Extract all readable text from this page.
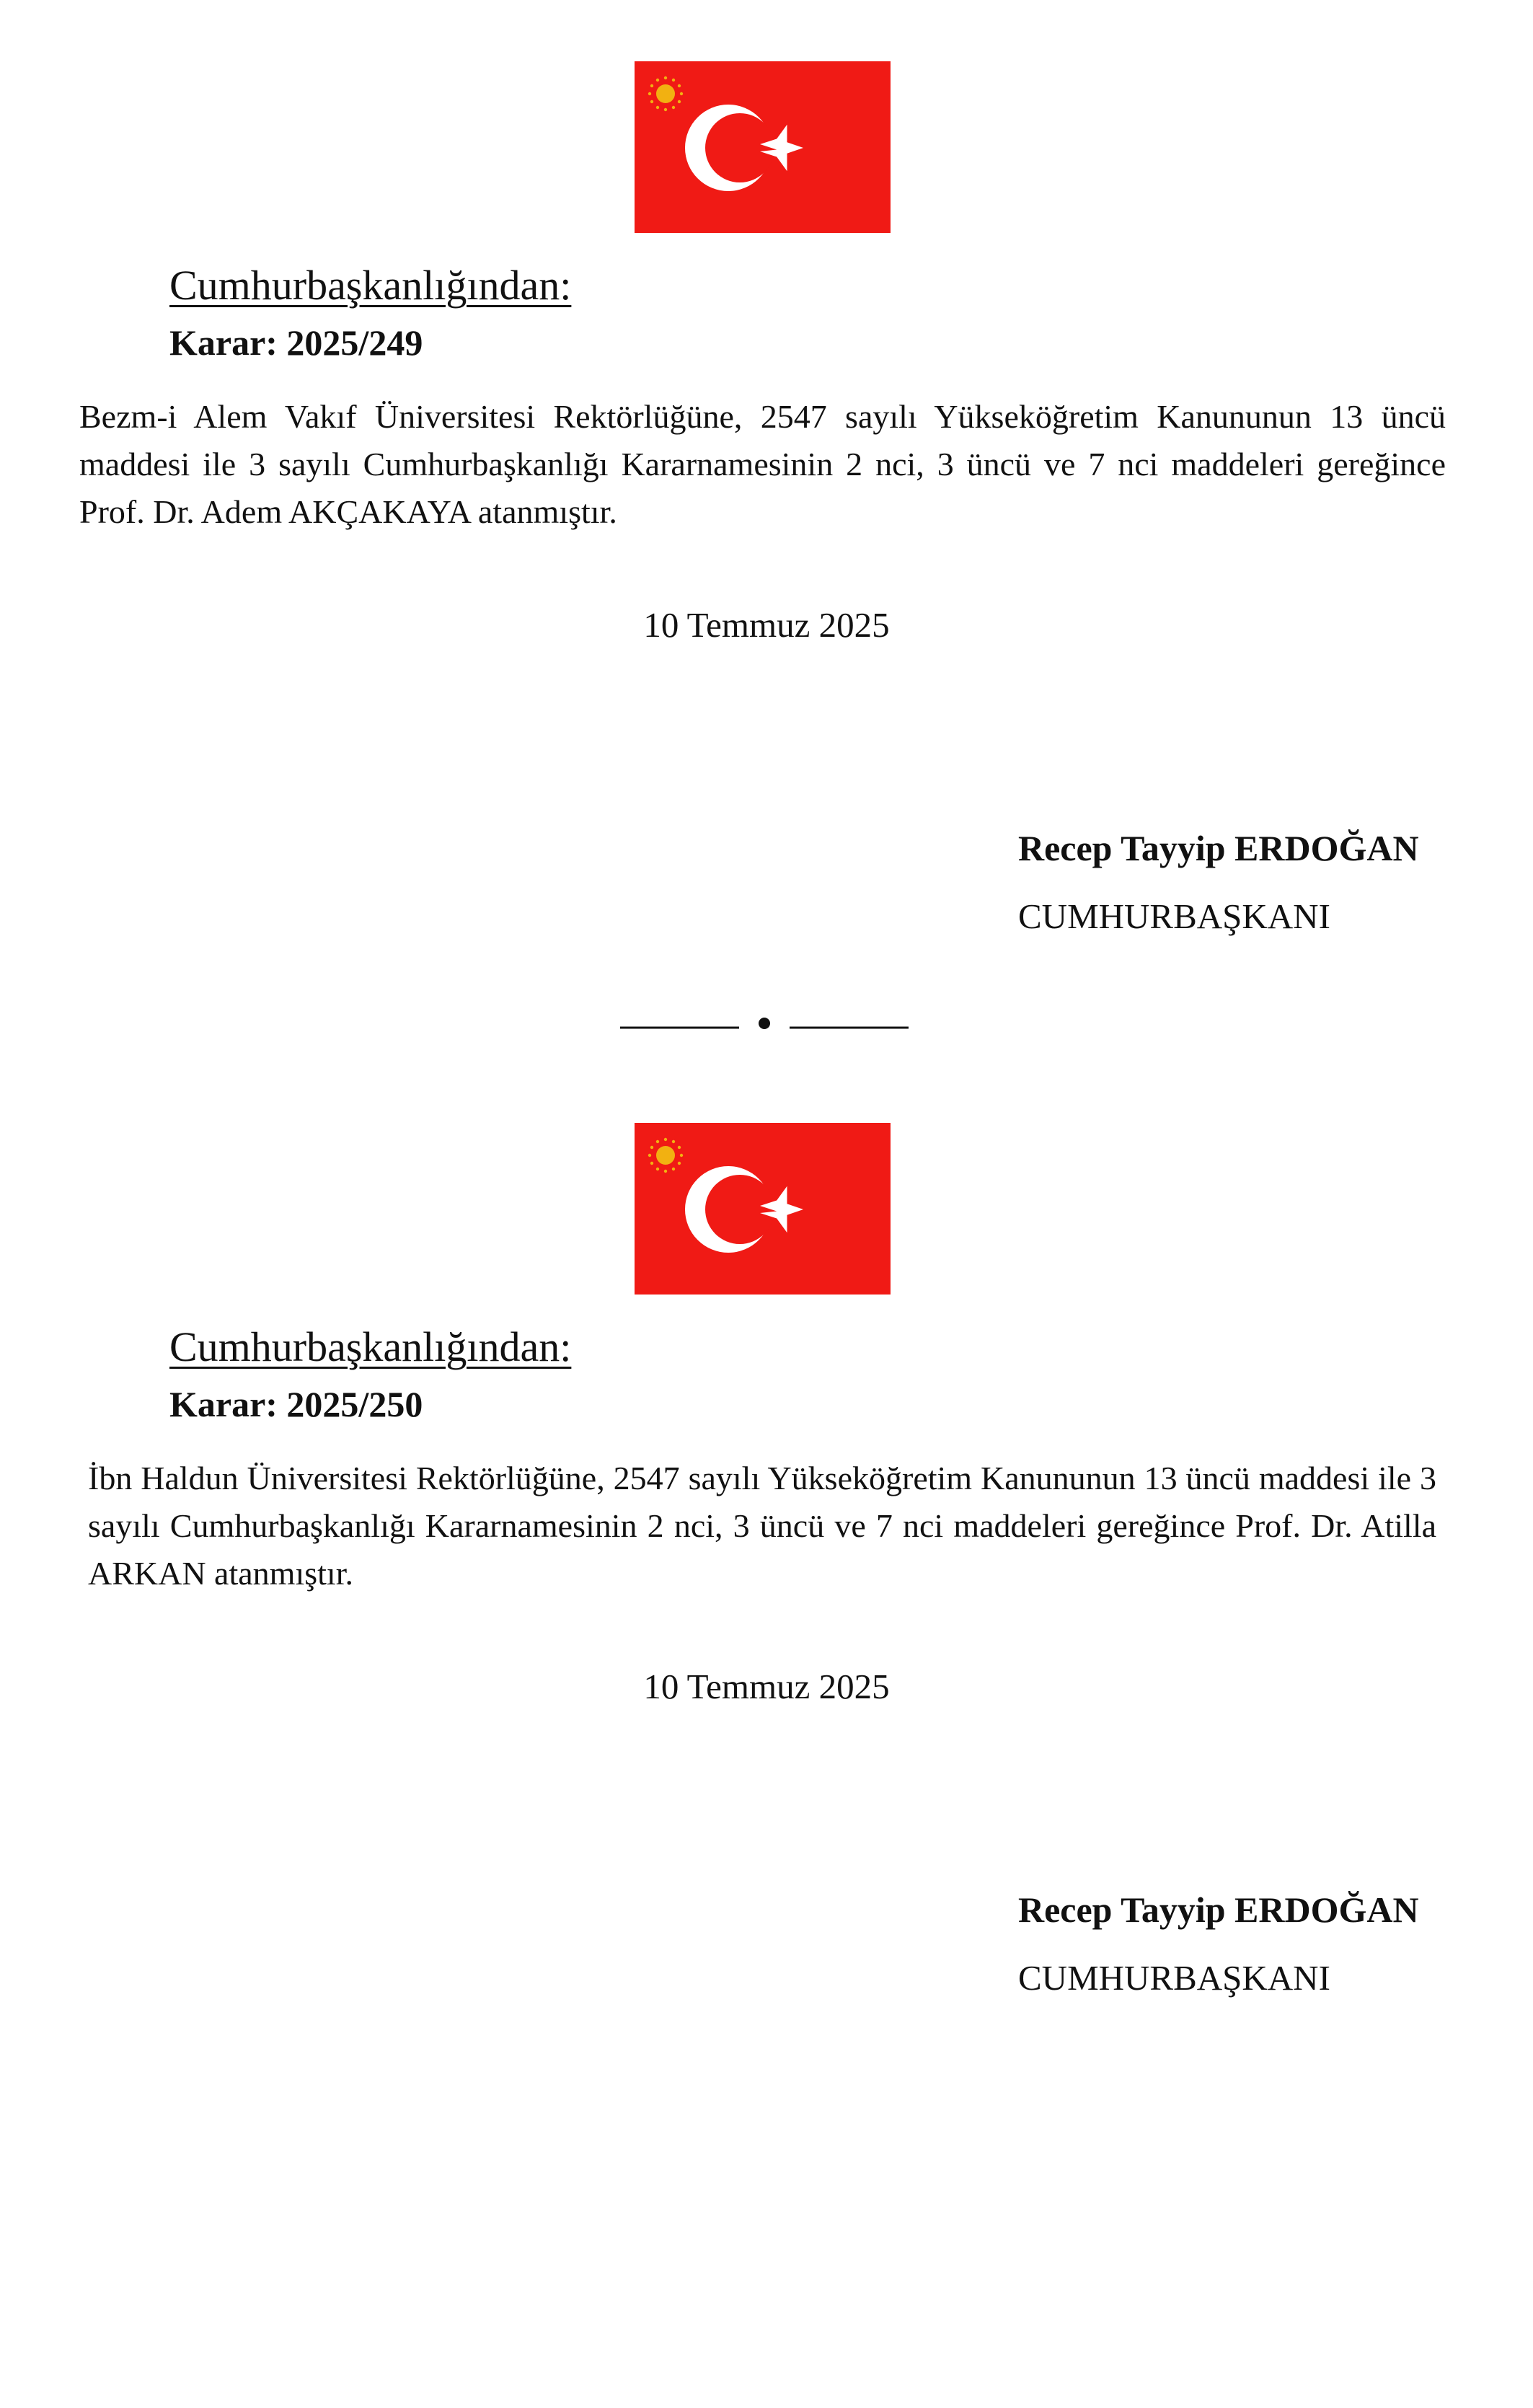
Cumhurbaşkanlığından:
Karar: 2025/249

Bezm-i Alem Vakıf Üniversitesi Rektörlüğüne, 2547 sayılı Yükseköğretim Kanununun 13 üncü maddesi ile 3 sayılı Cumhurbaşkanlığı Kararnamesinin 2 nci, 3 üncü ve 7 nci maddeleri gereğince Prof. Dr. Adem AKÇAKAYA atanmıştır.

10 Temmuz 2025
Recep Tayyip ERDOĞAN
CUMHURBAŞKANI
Cumhurbaşkanlığından:
Karar: 2025/250

İbn Haldun Üniversitesi Rektörlüğüne, 2547 sayılı Yükseköğretim Kanununun 13 üncü maddesi ile 3 sayılı Cumhurbaşkanlığı Kararnamesinin 2 nci, 3 üncü ve 7 nci maddeleri gereğince Prof. Dr. Atilla ARKAN atanmıştır.

10 Temmuz 2025
Recep Tayyip ERDOĞAN
CUMHURBAŞKANI
